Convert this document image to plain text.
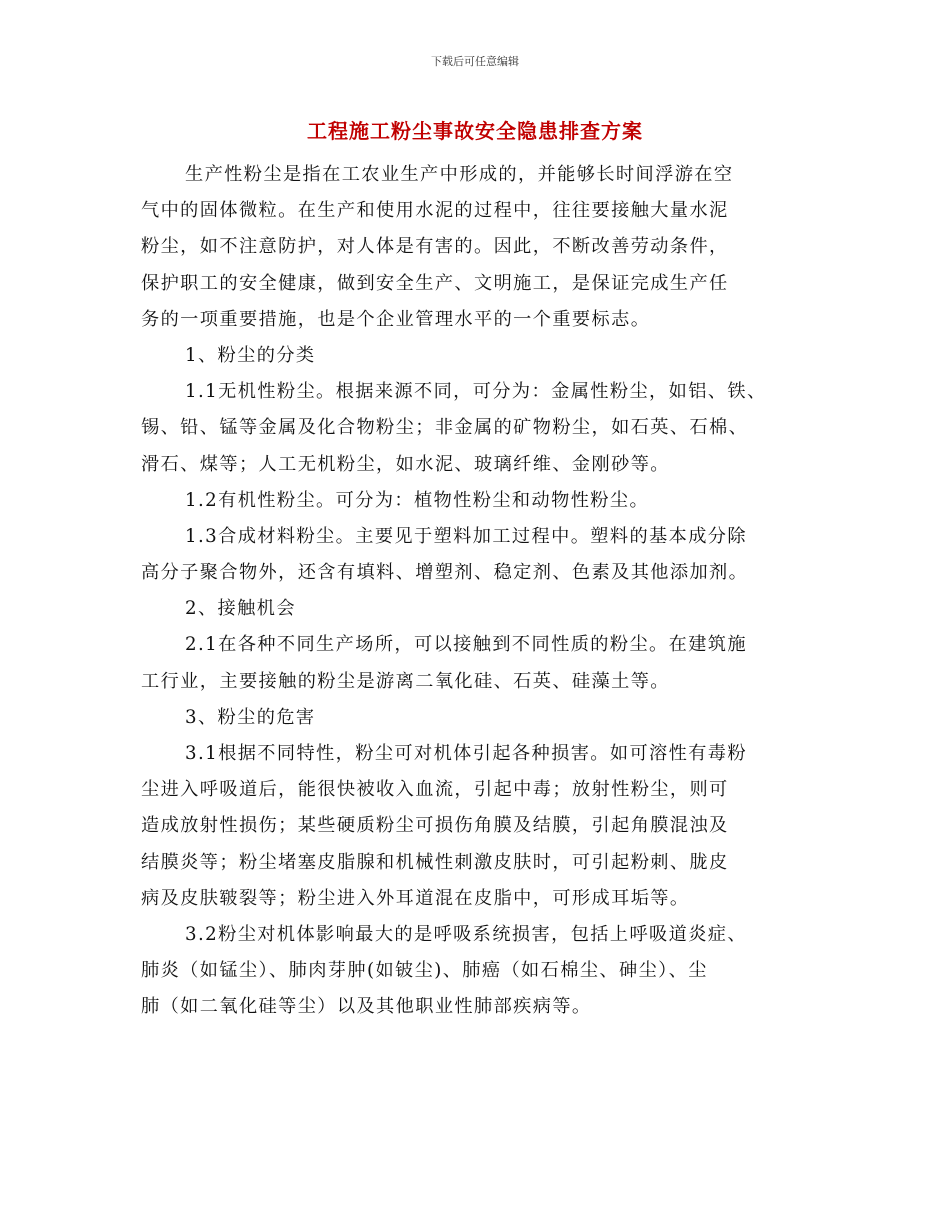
下载后可任意编辑
工程施工粉尘事故安全隐患排查方案
生产性粉尘是指在工农业生产中形成的，并能够长时间浮游在空
气中的固体微粒。在生产和使用水泥的过程中，往往要接触大量水泥
粉尘，如不注意防护，对人体是有害的。因此，不断改善劳动条件，
保护职工的安全健康，做到安全生产、文明施工，是保证完成生产任
务的一项重要措施，也是个企业管理水平的一个重要标志。
1、粉尘的分类
1.1无机性粉尘。根据来源不同，可分为：金属性粉尘，如铝、铁、
锡、铅、锰等金属及化合物粉尘；非金属的矿物粉尘，如石英、石棉、
滑石、煤等；人工无机粉尘，如水泥、玻璃纤维、金刚砂等。
1.2有机性粉尘。可分为：植物性粉尘和动物性粉尘。
1.3合成材料粉尘。主要见于塑料加工过程中。塑料的基本成分除
高分子聚合物外，还含有填料、增塑剂、稳定剂、色素及其他添加剂。
2、接触机会
2.1在各种不同生产场所，可以接触到不同性质的粉尘。在建筑施
工行业，主要接触的粉尘是游离二氧化硅、石英、硅藻土等。
3、粉尘的危害
3.1根据不同特性，粉尘可对机体引起各种损害。如可溶性有毒粉
尘进入呼吸道后，能很快被收入血流，引起中毒；放射性粉尘，则可
造成放射性损伤；某些硬质粉尘可损伤角膜及结膜，引起角膜混浊及
结膜炎等；粉尘堵塞皮脂腺和机械性刺激皮肤时，可引起粉刺、胧皮
病及皮肤皲裂等；粉尘进入外耳道混在皮脂中，可形成耳垢等。
3.2粉尘对机体影响最大的是呼吸系统损害，包括上呼吸道炎症、
肺炎（如锰尘）、肺肉芽肿(如铍尘)、肺癌（如石棉尘、砷尘）、尘
肺（如二氧化硅等尘）以及其他职业性肺部疾病等。
